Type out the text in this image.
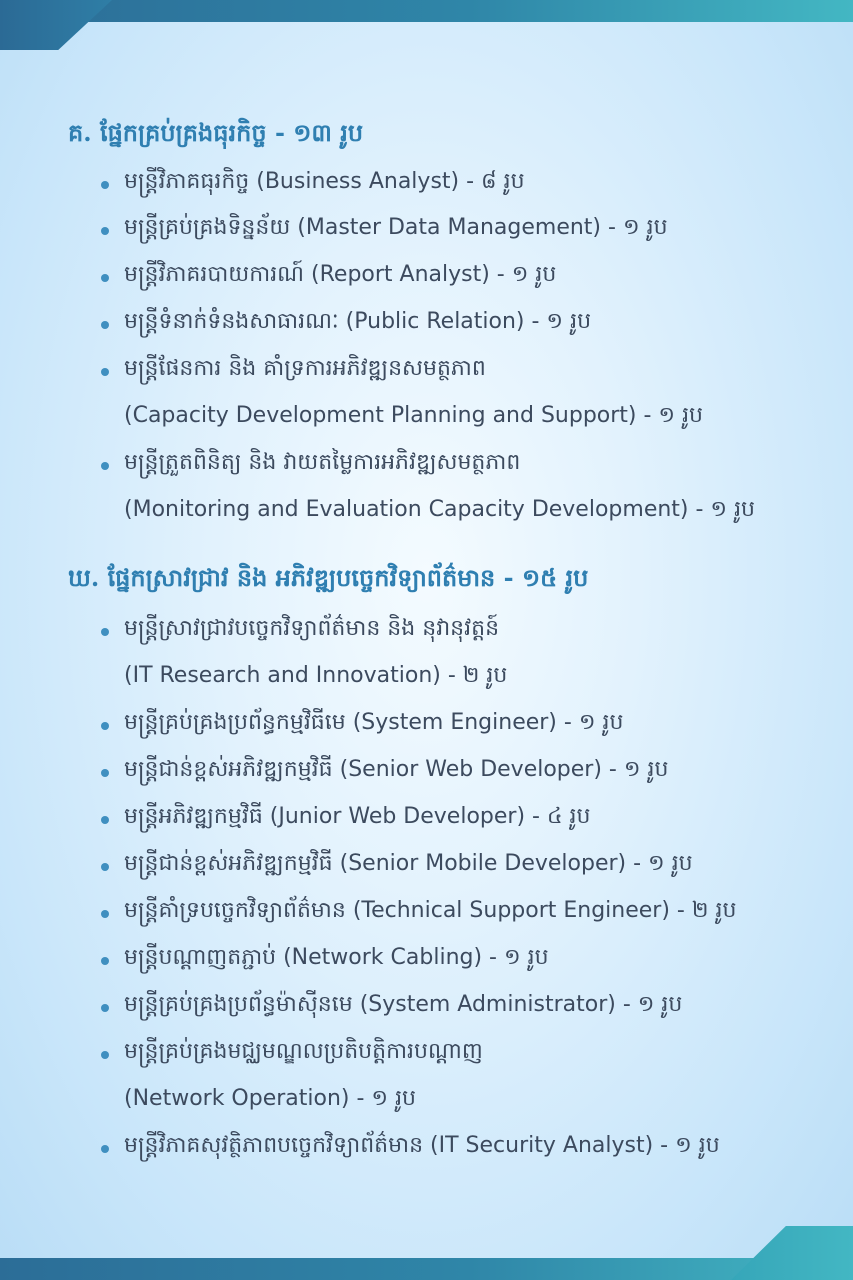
គ. ផ្នែកគ្រប់គ្រងធុរកិច្ច - ១៣ រូប
មន្ត្រីវិភាគធុរកិច្ច (Business Analyst) - ៨ រូប
មន្ត្រីគ្រប់គ្រងទិន្នន័យ (Master Data Management) - ១ រូប
មន្ត្រីវិភាគរបាយការណ៍ (Report Analyst) - ១ រូប
មន្ត្រីទំនាក់ទំនងសាធារណៈ (Public Relation) - ១ រូប
មន្ត្រីផែនការ និង គាំទ្រការអភិវឌ្ឍនសមត្ថភាព
(Capacity Development Planning and Support) - ១ រូប
មន្ត្រីត្រួតពិនិត្យ និង វាយតម្លៃការអភិវឌ្ឍសមត្ថភាព
(Monitoring and Evaluation Capacity Development) - ១ រូប
ឃ. ផ្នែកស្រាវជ្រាវ និង អភិវឌ្ឍបច្ចេកវិទ្យាព័ត៌មាន - ១៥ រូប
មន្ត្រីស្រាវជ្រាវបច្ចេកវិទ្យាព័ត៌មាន និង នុវានុវត្តន៍
(IT Research and Innovation) - ២ រូប
មន្ត្រីគ្រប់គ្រងប្រព័ន្ធកម្មវិធីមេ (System Engineer) - ១ រូប
មន្ត្រីជាន់ខ្ពស់អភិវឌ្ឍកម្មវិធី (Senior Web Developer) - ១ រូប
មន្ត្រីអភិវឌ្ឍកម្មវិធី (Junior Web Developer) - ៤ រូប
មន្ត្រីជាន់ខ្ពស់អភិវឌ្ឍកម្មវិធី (Senior Mobile Developer) - ១ រូប
មន្ត្រីគាំទ្របច្ចេកវិទ្យាព័ត៌មាន (Technical Support Engineer) - ២ រូប
មន្ត្រីបណ្តាញតភ្ជាប់ (Network Cabling) - ១ រូប
មន្ត្រីគ្រប់គ្រងប្រព័ន្ធម៉ាស៊ីនមេ (System Administrator) - ១ រូប
មន្ត្រីគ្រប់គ្រងមជ្ឈមណ្ឌលប្រតិបត្តិការបណ្តាញ
(Network Operation) - ១ រូប
មន្ត្រីវិភាគសុវត្ថិភាពបច្ចេកវិទ្យាព័ត៌មាន (IT Security Analyst) - ១ រូប
